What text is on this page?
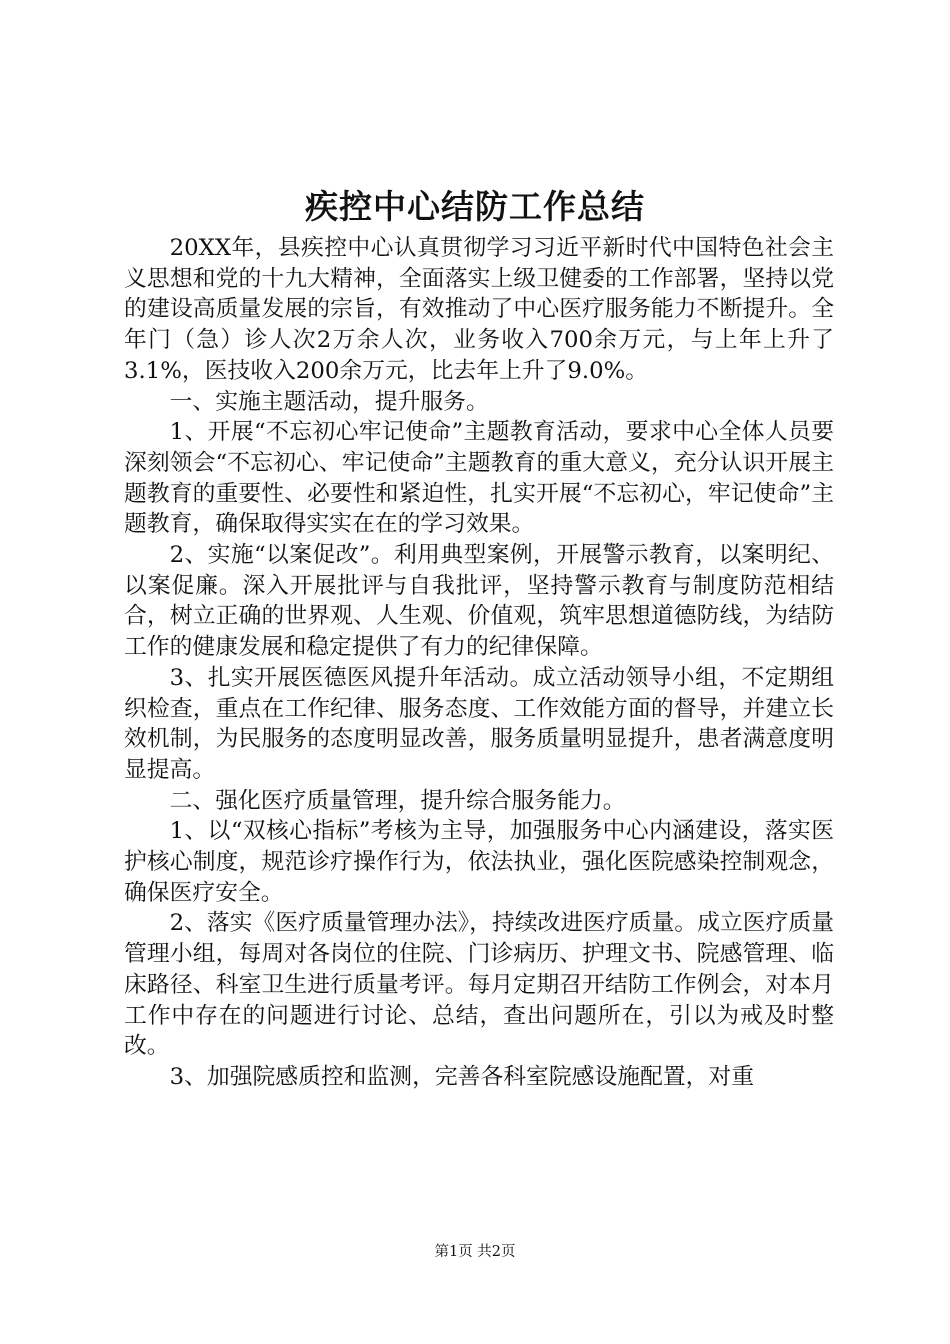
疾控中心结防工作总结

20XX年，县疾控中心认真贯彻学习习近平新时代中国特色社会主义思想和党的十九大精神，全面落实上级卫健委的工作部署，坚持以党的建设高质量发展的宗旨，有效推动了中心医疗服务能力不断提升。全年门（急）诊人次2万余人次，业务收入700余万元，与上年上升了3.1%，医技收入200余万元，比去年上升了9.0%。

一、实施主题活动，提升服务。

1、开展“不忘初心牢记使命”主题教育活动，要求中心全体人员要深刻领会“不忘初心、牢记使命”主题教育的重大意义，充分认识开展主题教育的重要性、必要性和紧迫性，扎实开展“不忘初心，牢记使命”主题教育，确保取得实实在在的学习效果。

2、实施“以案促改”。利用典型案例，开展警示教育，以案明纪、以案促廉。深入开展批评与自我批评，坚持警示教育与制度防范相结合，树立正确的世界观、人生观、价值观，筑牢思想道德防线，为结防工作的健康发展和稳定提供了有力的纪律保障。

3、扎实开展医德医风提升年活动。成立活动领导小组，不定期组织检查，重点在工作纪律、服务态度、工作效能方面的督导，并建立长效机制，为民服务的态度明显改善，服务质量明显提升，患者满意度明显提高。

二、强化医疗质量管理，提升综合服务能力。

1、以“双核心指标”考核为主导，加强服务中心内涵建设，落实医护核心制度，规范诊疗操作行为，依法执业，强化医院感染控制观念，确保医疗安全。

2、落实《医疗质量管理办法》，持续改进医疗质量。成立医疗质量管理小组，每周对各岗位的住院、门诊病历、护理文书、院感管理、临床路径、科室卫生进行质量考评。每月定期召开结防工作例会，对本月工作中存在的问题进行讨论、总结，查出问题所在，引以为戒及时整改。

3、加强院感质控和监测，完善各科室院感设施配置，对重

第1页 共2页
